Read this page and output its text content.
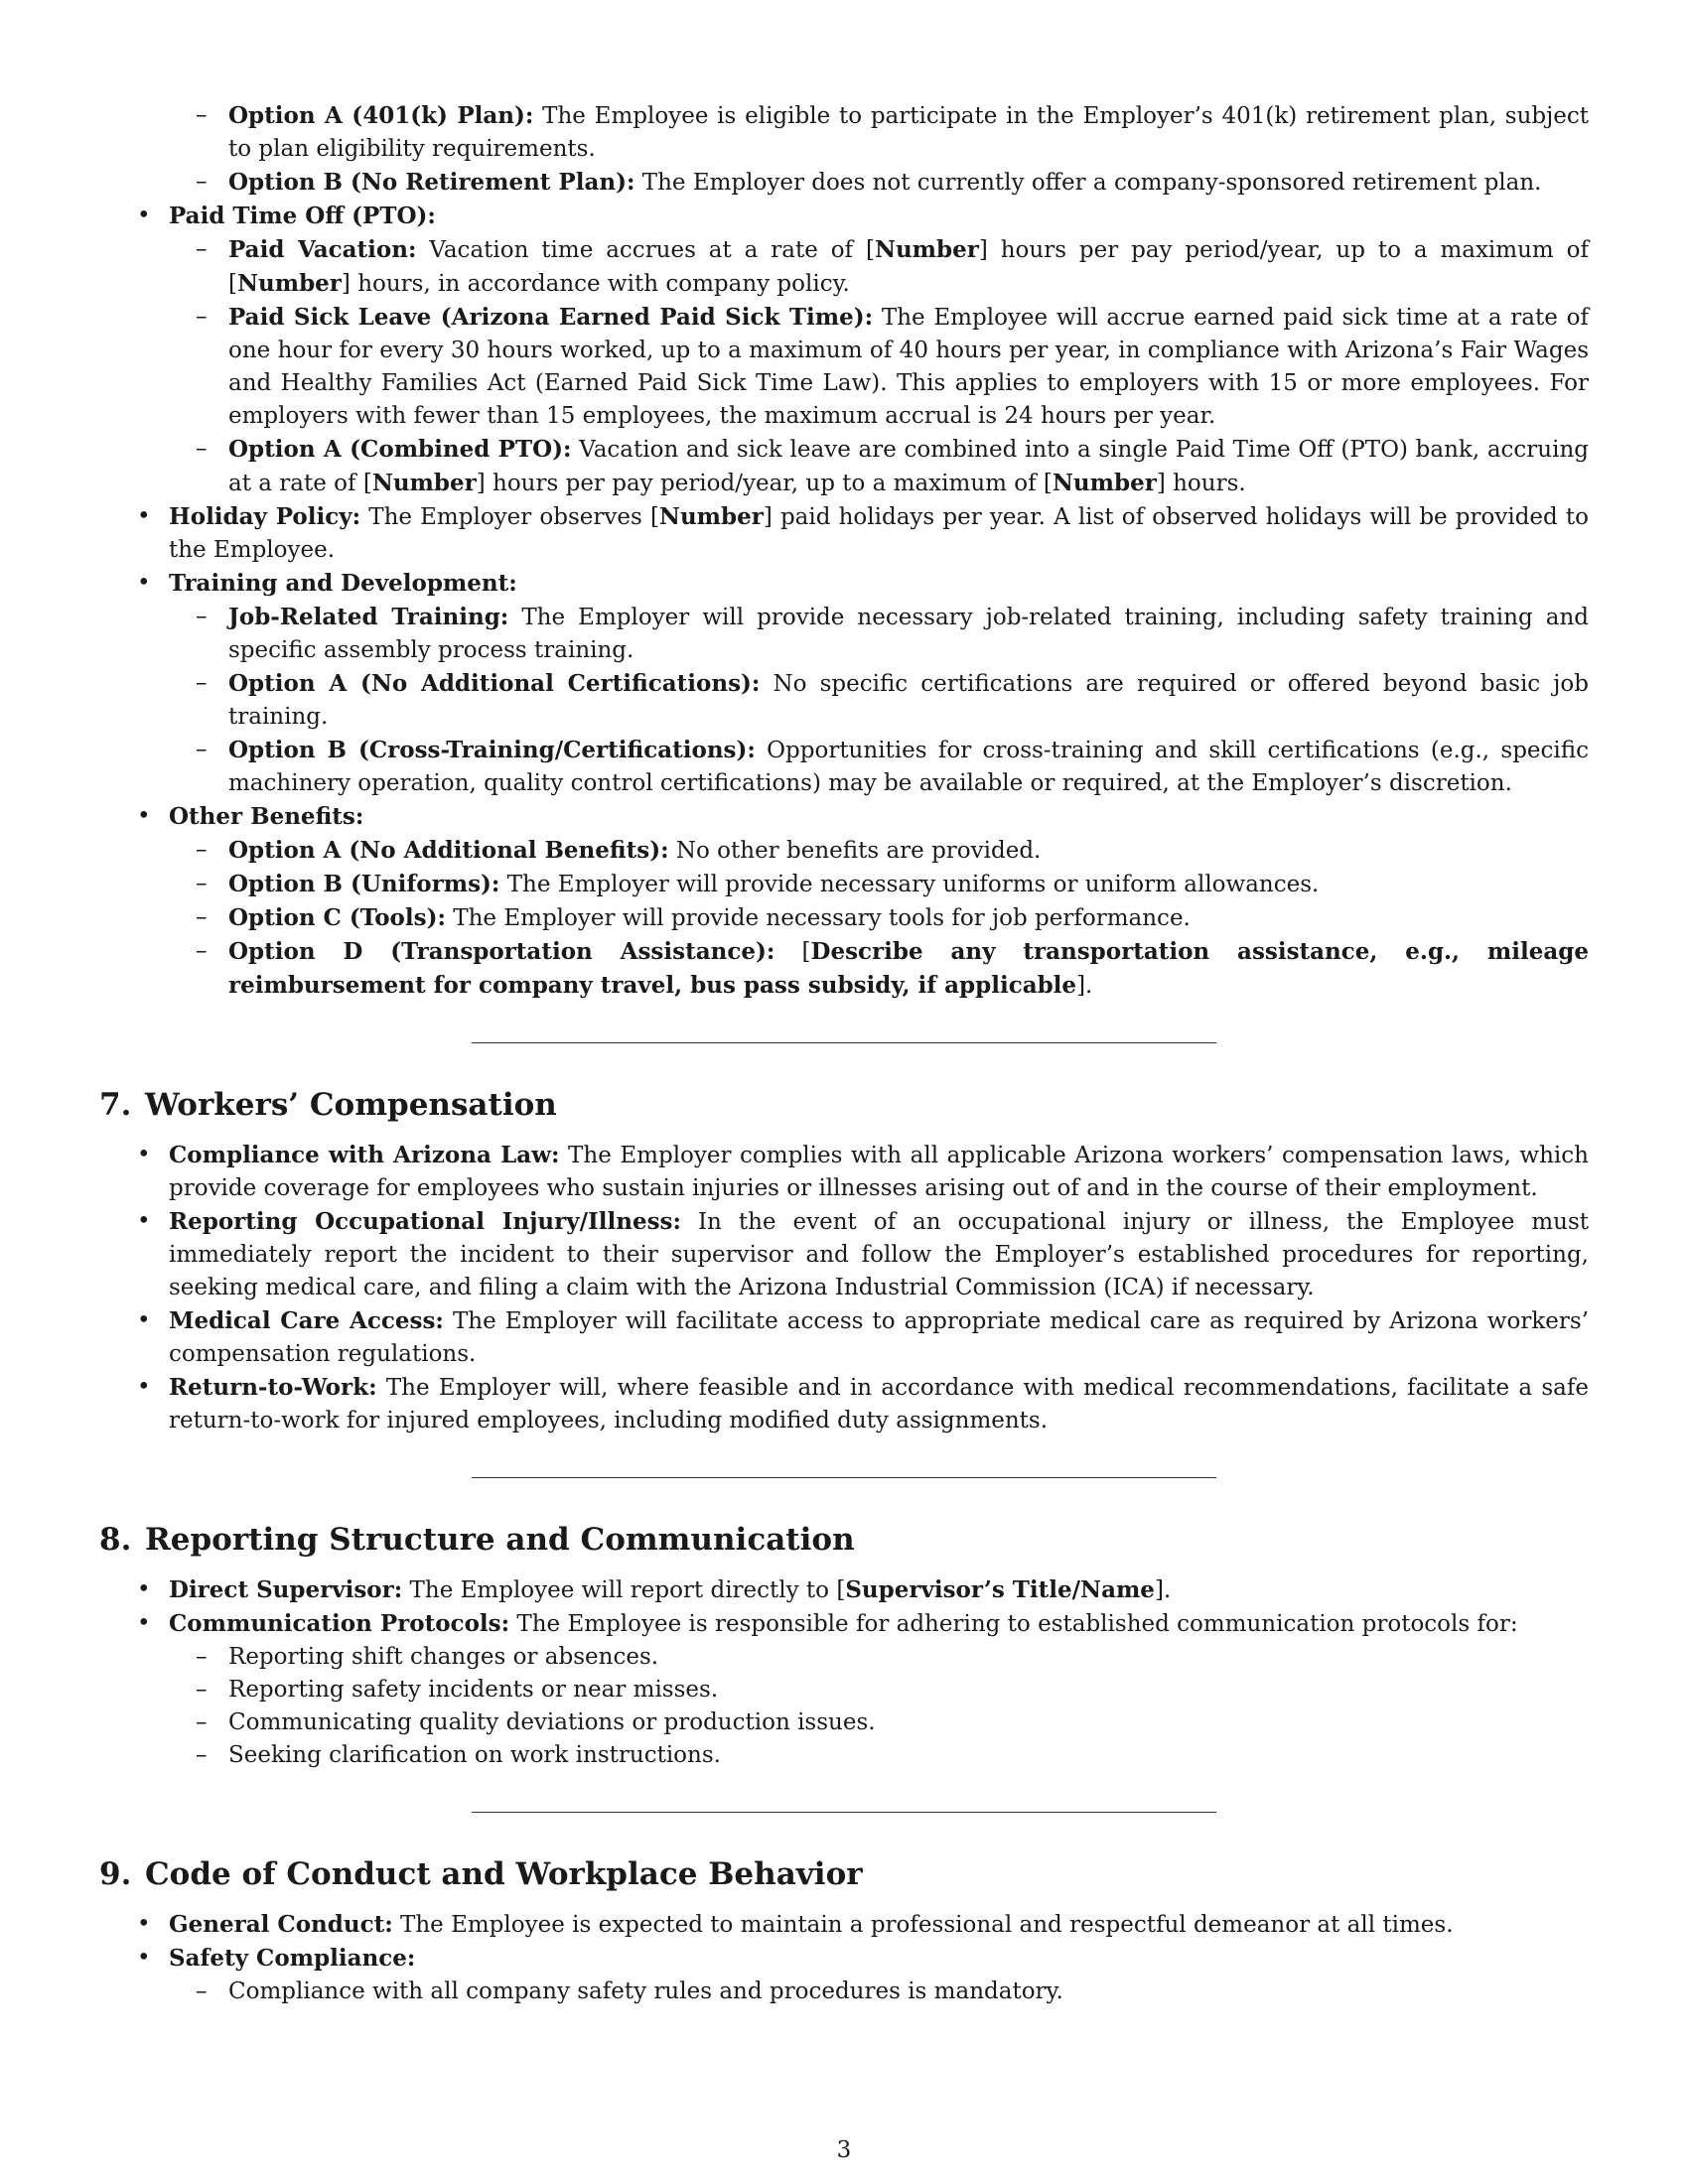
– Option A (401(k) Plan): The Employee is eligible to participate in the Employer’s 401(k) retirement plan, subject to plan eligibility requirements.
– Option B (No Retirement Plan): The Employer does not currently offer a company-sponsored retirement plan.
• Paid Time Off (PTO):
– Paid Vacation: Vacation time accrues at a rate of [Number] hours per pay period/year, up to a maximum of [Number] hours, in accordance with company policy.
– Paid Sick Leave (Arizona Earned Paid Sick Time): The Employee will accrue earned paid sick time at a rate of one hour for every 30 hours worked, up to a maximum of 40 hours per year, in compliance with Arizona’s Fair Wages and Healthy Families Act (Earned Paid Sick Time Law). This applies to employers with 15 or more employees. For employers with fewer than 15 employees, the maximum accrual is 24 hours per year.
– Option A (Combined PTO): Vacation and sick leave are combined into a single Paid Time Off (PTO) bank, accruing at a rate of [Number] hours per pay period/year, up to a maximum of [Number] hours.
• Holiday Policy: The Employer observes [Number] paid holidays per year. A list of observed holidays will be provided to the Employee.
• Training and Development:
– Job-Related Training: The Employer will provide necessary job-related training, including safety training and specific assembly process training.
– Option A (No Additional Certifications): No specific certifications are required or offered beyond basic job training.
– Option B (Cross-Training/Certifications): Opportunities for cross-training and skill certifications (e.g., specific machinery operation, quality control certifications) may be available or required, at the Employer’s discretion.
• Other Benefits:
– Option A (No Additional Benefits): No other benefits are provided.
– Option B (Uniforms): The Employer will provide necessary uniforms or uniform allowances.
– Option C (Tools): The Employer will provide necessary tools for job performance.
– Option D (Transportation Assistance): [Describe any transportation assistance, e.g., mileage reimbursement for company travel, bus pass subsidy, if applicable].
7. Workers’ Compensation
• Compliance with Arizona Law: The Employer complies with all applicable Arizona workers’ compensation laws, which provide coverage for employees who sustain injuries or illnesses arising out of and in the course of their employment.
• Reporting Occupational Injury/Illness: In the event of an occupational injury or illness, the Employee must immediately report the incident to their supervisor and follow the Employer’s established procedures for reporting, seeking medical care, and filing a claim with the Arizona Industrial Commission (ICA) if necessary.
• Medical Care Access: The Employer will facilitate access to appropriate medical care as required by Arizona workers’ compensation regulations.
• Return-to-Work: The Employer will, where feasible and in accordance with medical recommendations, facilitate a safe return-to-work for injured employees, including modified duty assignments.
8. Reporting Structure and Communication
• Direct Supervisor: The Employee will report directly to [Supervisor’s Title/Name].
• Communication Protocols: The Employee is responsible for adhering to established communication protocols for:
– Reporting shift changes or absences.
– Reporting safety incidents or near misses.
– Communicating quality deviations or production issues.
– Seeking clarification on work instructions.
9. Code of Conduct and Workplace Behavior
• General Conduct: The Employee is expected to maintain a professional and respectful demeanor at all times.
• Safety Compliance:
– Compliance with all company safety rules and procedures is mandatory.
3
